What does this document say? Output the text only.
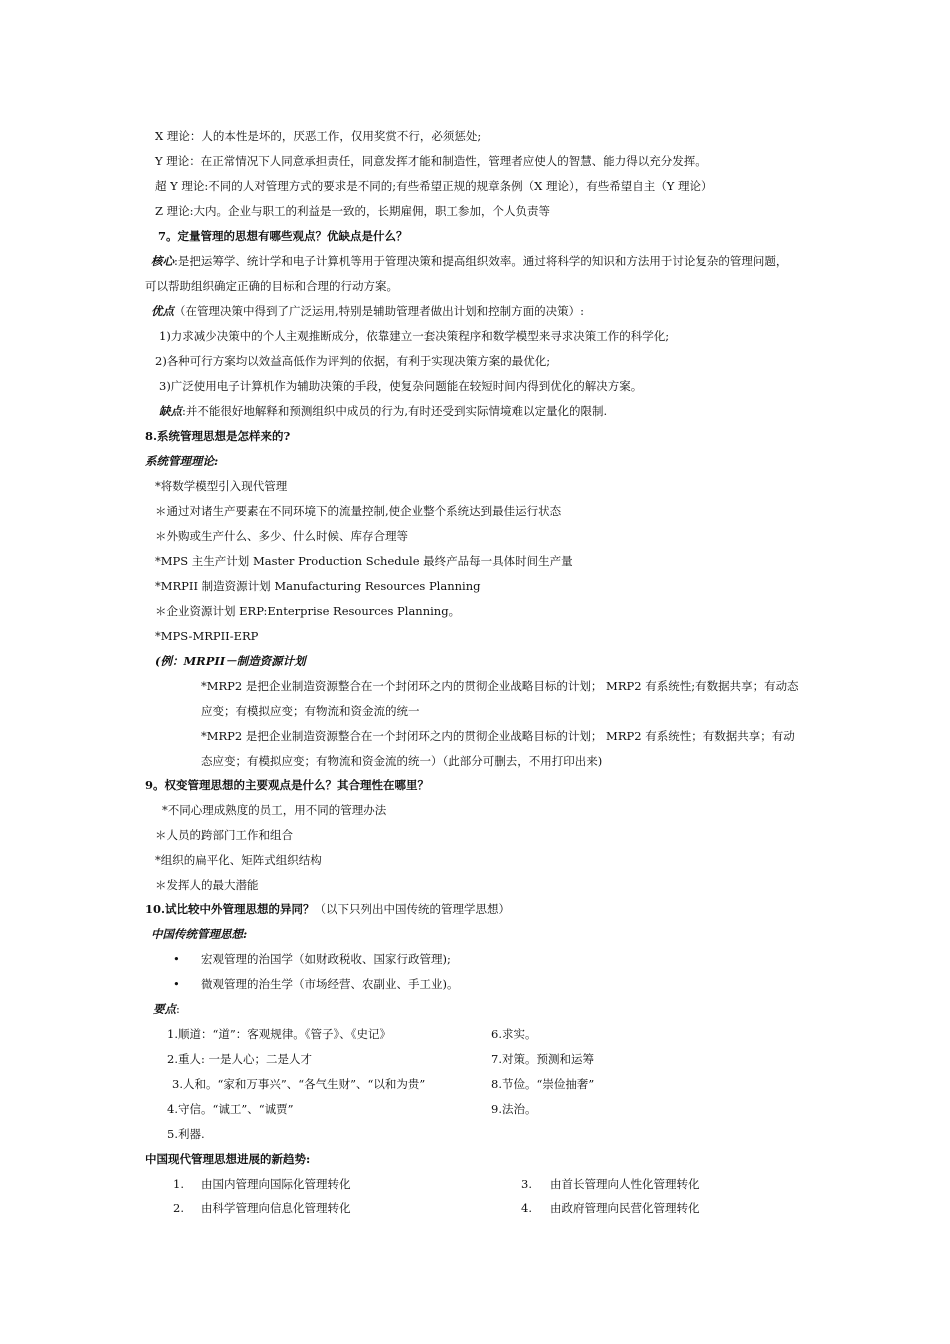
X 理论：人的本性是坏的，厌恶工作，仅用奖赏不行，必须惩处;
Y 理论：在正常情况下人同意承担责任，同意发挥才能和制造性，管理者应使人的智慧、能力得以充分发挥。
超 Y 理论:不同的人对管理方式的要求是不同的;有些希望正规的规章条例（X 理论），有些希望自主（Y 理论）
Z 理论:大内。企业与职工的利益是一致的，长期雇佣，职工参加，个人负责等
7。定量管理的思想有哪些观点？优缺点是什么？
核心:是把运筹学、统计学和电子计算机等用于管理决策和提高组织效率。通过将科学的知识和方法用于讨论复杂的管理问题，
可以帮助组织确定正确的目标和合理的行动方案。
优点（在管理决策中得到了广泛运用,特别是辅助管理者做出计划和控制方面的决策）:
1)力求减少决策中的个人主观推断成分，依靠建立一套决策程序和数学模型来寻求决策工作的科学化;
2)各种可行方案均以效益高低作为评判的依据，有利于实现决策方案的最优化;
3)广泛使用电子计算机作为辅助决策的手段，使复杂问题能在较短时间内得到优化的解决方案。
缺点:并不能很好地解释和预测组织中成员的行为,有时还受到实际情境难以定量化的限制.
8.系统管理思想是怎样来的?
系统管理理论:
*将数学模型引入现代管理
＊通过对诸生产要素在不同环境下的流量控制,使企业整个系统达到最佳运行状态
＊外购或生产什么、多少、什么时候、库存合理等
*MPS 主生产计划 Master Production Schedule 最终产品每一具体时间生产量
*MRPII 制造资源计划 Manufacturing Resources Planning
＊企业资源计划 ERP:Enterprise Resources Planning。
*MPS-MRPII-ERP
(例：MRPII－制造资源计划
*MRP2 是把企业制造资源整合在一个封闭环之内的贯彻企业战略目标的计划； MRP2 有系统性;有数据共享；有动态
应变；有模拟应变；有物流和资金流的统一
*MRP2 是把企业制造资源整合在一个封闭环之内的贯彻企业战略目标的计划； MRP2 有系统性；有数据共享；有动
态应变；有模拟应变；有物流和资金流的统一）（此部分可删去，不用打印出来)
9。权变管理思想的主要观点是什么？其合理性在哪里？
*不同心理成熟度的员工，用不同的管理办法
＊人员的跨部门工作和组合
*组织的扁平化、矩阵式组织结构
＊发挥人的最大潜能
10.试比较中外管理思想的异同？（以下只列出中国传统的管理学思想）
中国传统管理思想:
• 宏观管理的治国学（如财政税收、国家行政管理);
• 微观管理的治生学（市场经营、农副业、手工业)。
要点:
1.顺道：“道”：客观规律。《管子》、《史记》	6.求实。
2.重人: 一是人心；二是人才	7.对策。预测和运筹
3.人和。“家和万事兴”、“各气生财”、“以和为贵”	8.节俭。“崇俭抽奢”
4.守信。“诚工”、“诚贾”	9.法治。
5.利器.
中国现代管理思想进展的新趋势:
1. 由国内管理向国际化管理转化	3. 由首长管理向人性化管理转化
2. 由科学管理向信息化管理转化	4. 由政府管理向民营化管理转化
